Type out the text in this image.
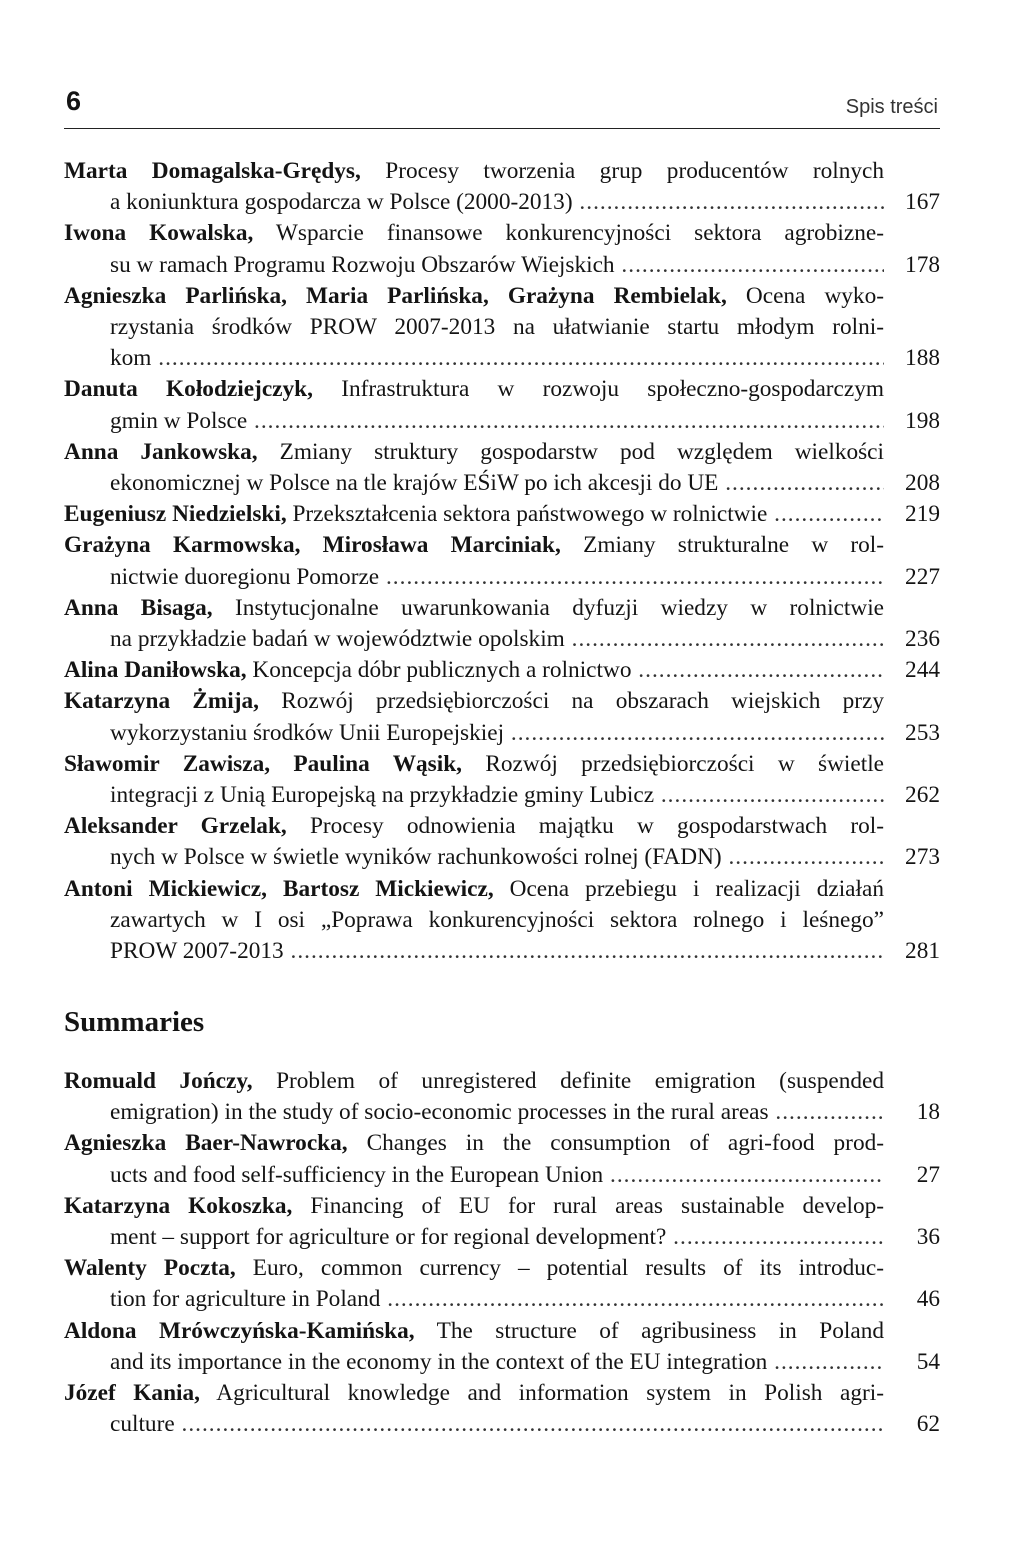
6	Spis treści
Marta Domagalska-Grędys, Procesy tworzenia grup producentów rolnych
a koniunktura gospodarcza w Polsce (2000-2013) .....	167
Iwona Kowalska, Wsparcie finansowe konkurencyjności sektora agrobizne-
su w ramach Programu Rozwoju Obszarów Wiejskich .....	178
Agnieszka Parlińska, Maria Parlińska, Grażyna Rembielak, Ocena wyko-
rzystania środków PROW 2007-2013 na ułatwianie startu młodym rolni-
kom .....	188
Danuta Kołodziejczyk, Infrastruktura w rozwoju społeczno-gospodarczym
gmin w Polsce .....	198
Anna Jankowska, Zmiany struktury gospodarstw pod względem wielkości
ekonomicznej w Polsce na tle krajów EŚiW po ich akcesji do UE .....	208
Eugeniusz Niedzielski, Przekształcenia sektora państwowego w rolnictwie .....	219
Grażyna Karmowska, Mirosława Marciniak, Zmiany strukturalne w rol-
nictwie duoregionu Pomorze .....	227
Anna Bisaga, Instytucjonalne uwarunkowania dyfuzji wiedzy w rolnictwie
na przykładzie badań w województwie opolskim .....	236
Alina Daniłowska, Koncepcja dóbr publicznych a rolnictwo .....	244
Katarzyna Żmija, Rozwój przedsiębiorczości na obszarach wiejskich przy
wykorzystaniu środków Unii Europejskiej .....	253
Sławomir Zawisza, Paulina Wąsik, Rozwój przedsiębiorczości w świetle
integracji z Unią Europejską na przykładzie gminy Lubicz .....	262
Aleksander Grzelak, Procesy odnowienia majątku w gospodarstwach rol-
nych w Polsce w świetle wyników rachunkowości rolnej (FADN) .....	273
Antoni Mickiewicz, Bartosz Mickiewicz, Ocena przebiegu i realizacji działań
zawartych w I osi „Poprawa konkurencyjności sektora rolnego i leśnego”
PROW 2007-2013 .....	281
Summaries
Romuald Jończy, Problem of unregistered definite emigration (suspended
emigration) in the study of socio-economic processes in the rural areas .....	18
Agnieszka Baer-Nawrocka, Changes in the consumption of agri-food prod-
ucts and food self-sufficiency in the European Union .....	27
Katarzyna Kokoszka, Financing of EU for rural areas sustainable develop-
ment – support for agriculture or for regional development? .....	36
Walenty Poczta, Euro, common currency – potential results of its introduc-
tion for agriculture in Poland .....	46
Aldona Mrówczyńska-Kamińska, The structure of agribusiness in Poland
and its importance in the economy in the context of the EU integration .....	54
Józef Kania, Agricultural knowledge and information system in Polish agri-
culture .....	62
